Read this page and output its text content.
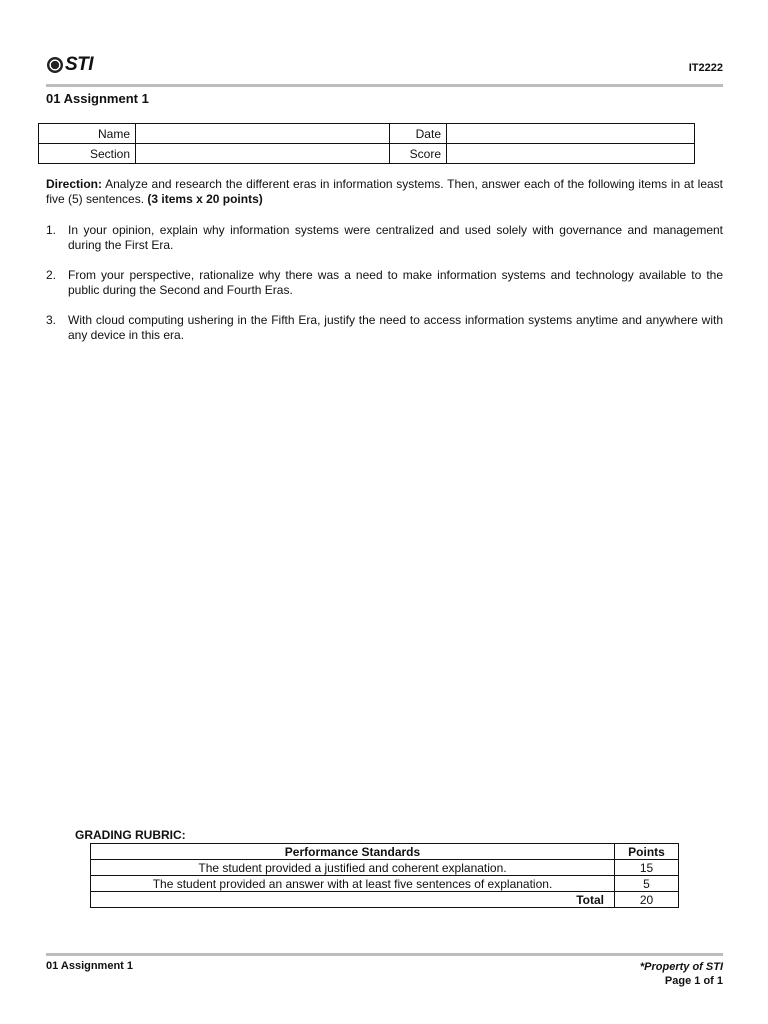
STI	IT2222
01 Assignment 1
Name		Date	
Section		Score	
Direction: Analyze and research the different eras in information systems. Then, answer each of the following items in at least five (5) sentences. (3 items x 20 points)
1. In your opinion, explain why information systems were centralized and used solely with governance and management during the First Era.
2. From your perspective, rationalize why there was a need to make information systems and technology available to the public during the Second and Fourth Eras.
3. With cloud computing ushering in the Fifth Era, justify the need to access information systems anytime and anywhere with any device in this era.
GRADING RUBRIC:
Performance Standards	Points
The student provided a justified and coherent explanation.	15
The student provided an answer with at least five sentences of explanation.	5
Total	20
01 Assignment 1	*Property of STI
Page 1 of 1
